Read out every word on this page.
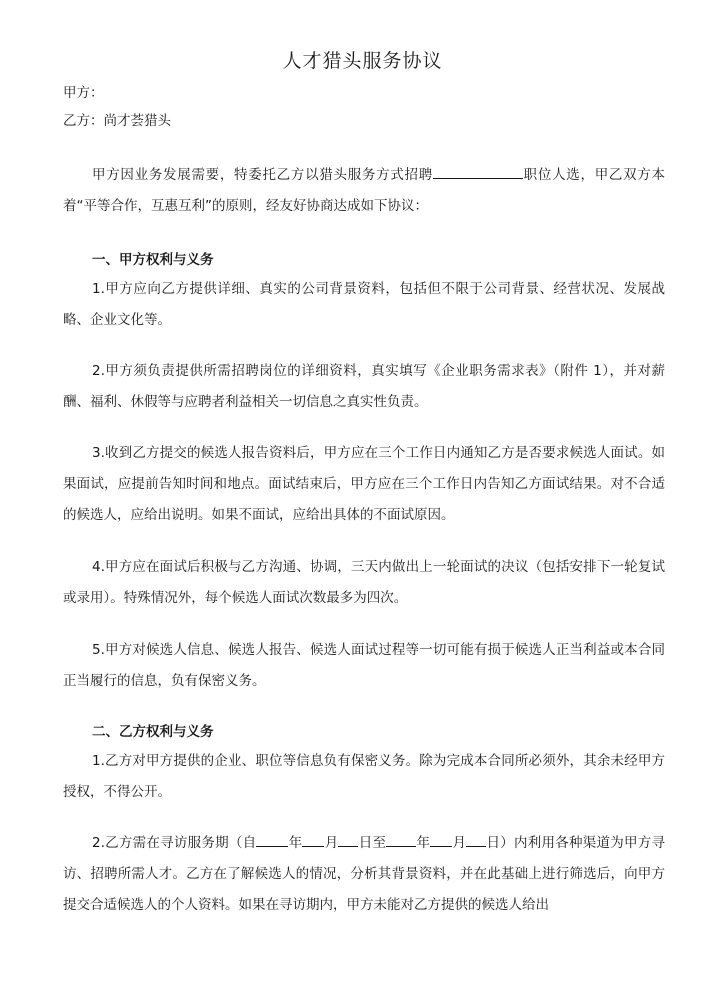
人才猎头服务协议
甲方：
乙方：尚才荟猎头
甲方因业务发展需要，特委托乙方以猎头服务方式招聘	职位人选，甲乙双方本着“平等合作，互惠互利”的原则，经友好协商达成如下协议：
一、甲方权利与义务
1.甲方应向乙方提供详细、真实的公司背景资料，包括但不限于公司背景、经营状况、发展战略、企业文化等。
2.甲方须负责提供所需招聘岗位的详细资料，真实填写《企业职务需求表》（附件 1），并对薪酬、福利、休假等与应聘者利益相关一切信息之真实性负责。
3.收到乙方提交的候选人报告资料后，甲方应在三个工作日内通知乙方是否要求候选人面试。如果面试，应提前告知时间和地点。面试结束后，甲方应在三个工作日内告知乙方面试结果。对不合适的候选人，应给出说明。如果不面试，应给出具体的不面试原因。
4.甲方应在面试后积极与乙方沟通、协调，三天内做出上一轮面试的决议（包括安排下一轮复试或录用）。特殊情况外，每个候选人面试次数最多为四次。
5.甲方对候选人信息、候选人报告、候选人面试过程等一切可能有损于候选人正当利益或本合同正当履行的信息，负有保密义务。
二、乙方权利与义务
1.乙方对甲方提供的企业、职位等信息负有保密义务。除为完成本合同所必须外，其余未经甲方授权，不得公开。
2.乙方需在寻访服务期（自 年 月 日至 年 月 日）内利用各种渠道为甲方寻访、招聘所需人才。乙方在了解候选人的情况，分析其背景资料，并在此基础上进行筛选后，向甲方提交合适候选人的个人资料。如果在寻访期内，甲方未能对乙方提供的候选人给出
